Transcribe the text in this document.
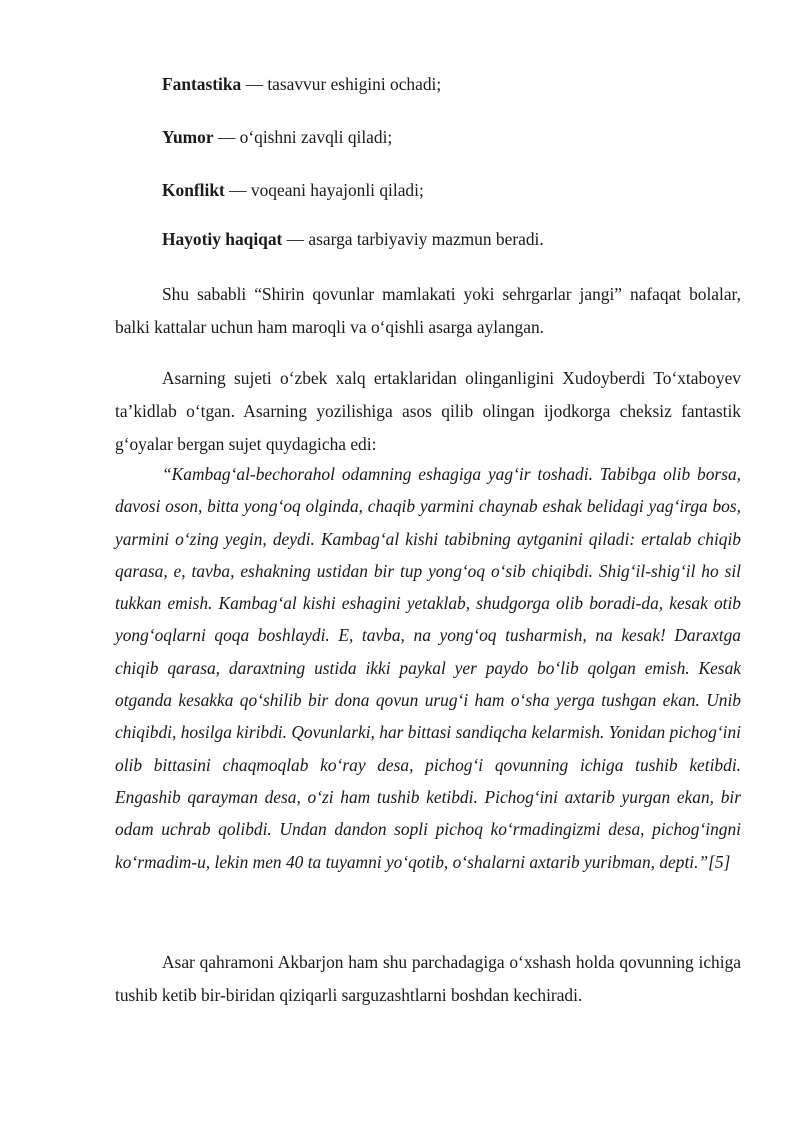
Fantastika — tasavvur eshigini ochadi;

Yumor — o‘qishni zavqli qiladi;

Konflikt — voqeani hayajonli qiladi;

Hayotiy haqiqat — asarga tarbiyaviy mazmun beradi.

Shu sababli “Shirin qovunlar mamlakati yoki sehrgarlar jangi” nafaqat bolalar, balki kattalar uchun ham maroqli va o‘qishli asarga aylangan.

Asarning sujeti o‘zbek xalq ertaklaridan olinganligini Xudoyberdi To‘xtaboyev ta’kidlab o‘tgan. Asarning yozilishiga asos qilib olingan ijodkorga cheksiz fantastik g‘oyalar bergan sujet quydagicha edi:

“Kambag‘al-bechorahol odamning eshagiga yag‘ir toshadi. Tabibga olib borsa, davosi oson, bitta yong‘oq olginda, chaqib yarmini chaynab eshak belidagi yag‘irga bos, yarmini o‘zing yegin, deydi. Kambag‘al kishi tabibning aytganini qiladi: ertalab chiqib qarasa, e, tavba, eshakning ustidan bir tup yong‘oq o‘sib chiqibdi. Shig‘il-shig‘il ho sil tukkan emish. Kambag‘al kishi eshagini yetaklab, shudgorga olib boradi-da, kesak otib yong‘oqlarni qoqa boshlaydi. E, tavba, na yong‘oq tusharmish, na kesak! Daraxtga chiqib qarasa, daraxtning ustida ikki paykal yer paydo bo‘lib qolgan emish. Kesak otganda kesakka qo‘shilib bir dona qovun urug‘i ham o‘sha yerga tushgan ekan. Unib chiqibdi, hosilga kiribdi. Qovunlarki, har bittasi sandiqcha kelarmish. Yonidan pichog‘ini olib bittasini chaqmoqlab ko‘ray desa, pichog‘i qovunning ichiga tushib ketibdi. Engashib qarayman desa, o‘zi ham tushib ketibdi. Pichog‘ini axtarib yurgan ekan, bir odam uchrab qolibdi. Undan dandon sopli pichoq ko‘rmadingizmi desa, pichog‘ingni ko‘rmadim-u, lekin men 40 ta tuyamni yo‘qotib, o‘shalarni axtarib yuribman, depti.”[5]

Asar qahramoni Akbarjon ham shu parchadagiga o‘xshash holda qovunning ichiga tushib ketib bir-biridan qiziqarli sarguzashtlarni boshdan kechiradi.
